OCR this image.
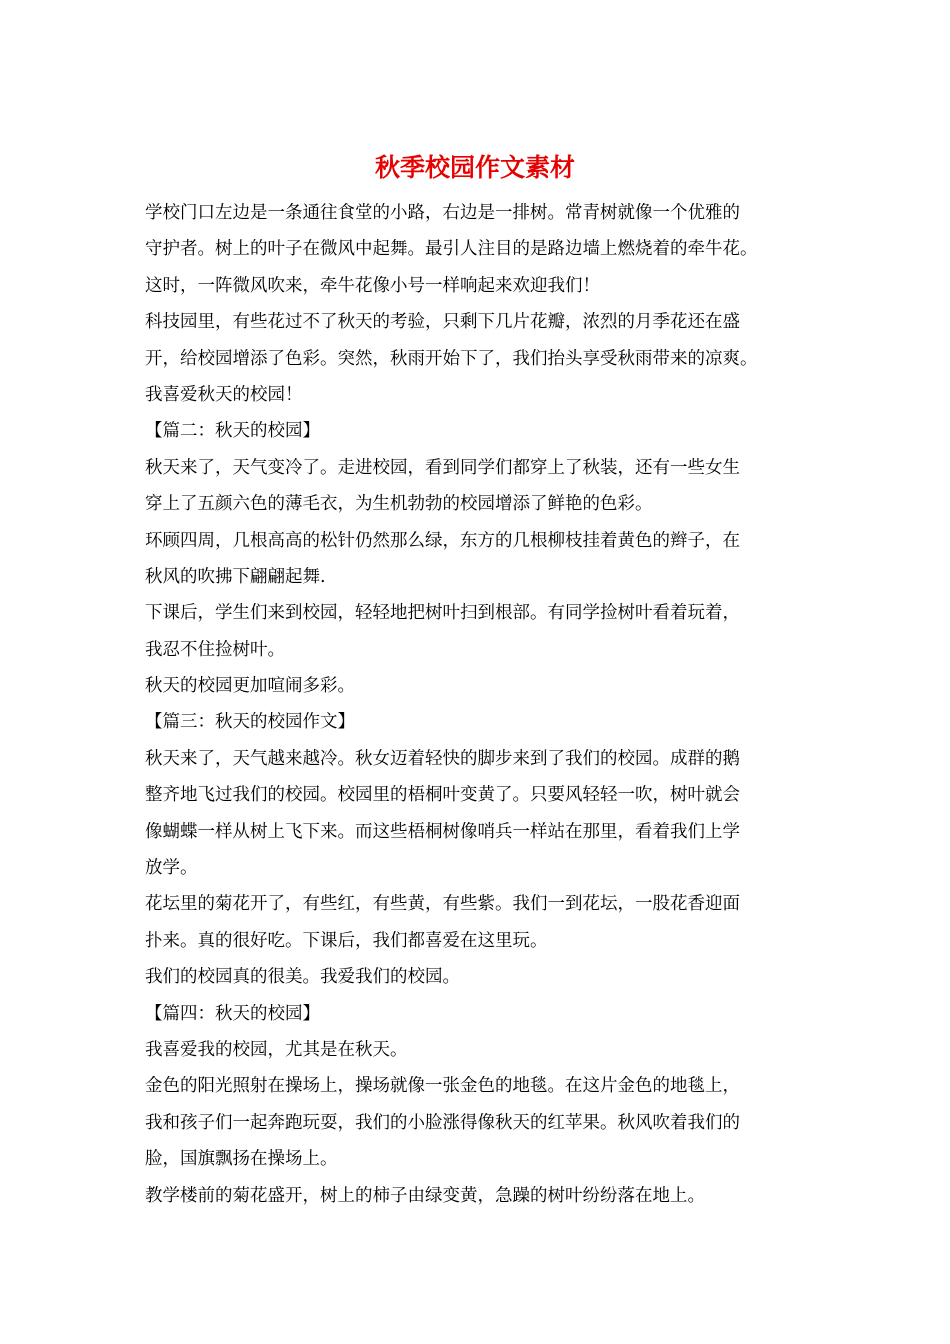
秋季校园作文素材
学校门口左边是一条通往食堂的小路，右边是一排树。常青树就像一个优雅的
守护者。树上的叶子在微风中起舞。最引人注目的是路边墙上燃烧着的牵牛花。
这时，一阵微风吹来，牵牛花像小号一样响起来欢迎我们！
科技园里，有些花过不了秋天的考验，只剩下几片花瓣，浓烈的月季花还在盛
开，给校园增添了色彩。突然，秋雨开始下了，我们抬头享受秋雨带来的凉爽。
我喜爱秋天的校园！
【篇二：秋天的校园】
秋天来了，天气变冷了。走进校园，看到同学们都穿上了秋装，还有一些女生
穿上了五颜六色的薄毛衣，为生机勃勃的校园增添了鲜艳的色彩。
环顾四周，几根高高的松针仍然那么绿，东方的几根柳枝挂着黄色的辫子，在
秋风的吹拂下翩翩起舞.
下课后，学生们来到校园，轻轻地把树叶扫到根部。有同学捡树叶看着玩着，
我忍不住捡树叶。
秋天的校园更加喧闹多彩。
【篇三：秋天的校园作文】
秋天来了，天气越来越冷。秋女迈着轻快的脚步来到了我们的校园。成群的鹅
整齐地飞过我们的校园。校园里的梧桐叶变黄了。只要风轻轻一吹，树叶就会
像蝴蝶一样从树上飞下来。而这些梧桐树像哨兵一样站在那里，看着我们上学
放学。
花坛里的菊花开了，有些红，有些黄，有些紫。我们一到花坛，一股花香迎面
扑来。真的很好吃。下课后，我们都喜爱在这里玩。
我们的校园真的很美。我爱我们的校园。
【篇四：秋天的校园】
我喜爱我的校园，尤其是在秋天。
金色的阳光照射在操场上，操场就像一张金色的地毯。在这片金色的地毯上，
我和孩子们一起奔跑玩耍，我们的小脸涨得像秋天的红苹果。秋风吹着我们的
脸，国旗飘扬在操场上。
教学楼前的菊花盛开，树上的柿子由绿变黄，急躁的树叶纷纷落在地上。
